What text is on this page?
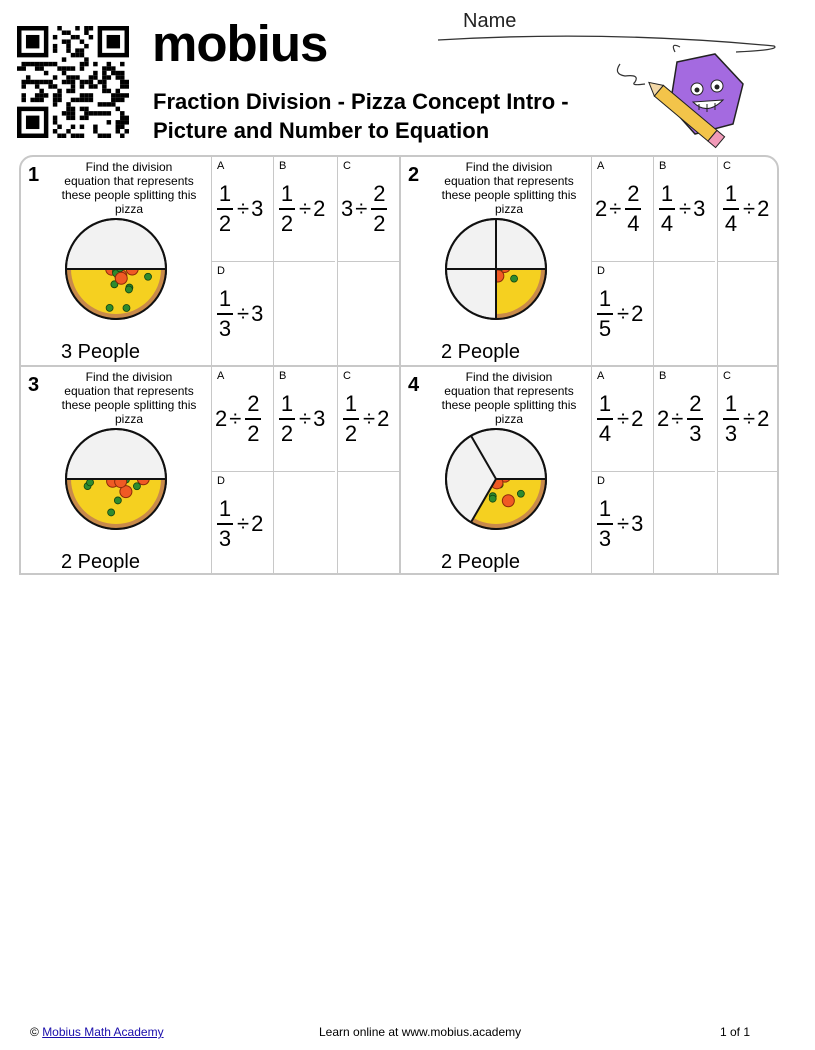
mobius
Fraction Division - Pizza Concept Intro -
Picture and Number to Equation
Name
1	Find the division equation that represents these people splitting this pizza
3 People
A
$\frac{1}{2} \div 3$
B
$\frac{1}{2} \div 2$
C
$3 \div \frac{2}{2}$
D
$\frac{1}{3} \div 3$
2	Find the division equation that represents these people splitting this pizza
2 People
A
$2 \div \frac{2}{4}$
B
$\frac{1}{4} \div 3$
C
$\frac{1}{4} \div 2$
D
$\frac{1}{5} \div 2$
3	Find the division equation that represents these people splitting this pizza
2 People
A
$2 \div \frac{2}{2}$
B
$\frac{1}{2} \div 3$
C
$\frac{1}{2} \div 2$
D
$\frac{1}{3} \div 2$
4	Find the division equation that represents these people splitting this pizza
2 People
A
$\frac{1}{4} \div 2$
B
$2 \div \frac{2}{3}$
C
$\frac{1}{3} \div 2$
D
$\frac{1}{3} \div 3$
© Mobius Math Academy	Learn online at www.mobius.academy	1 of 1
